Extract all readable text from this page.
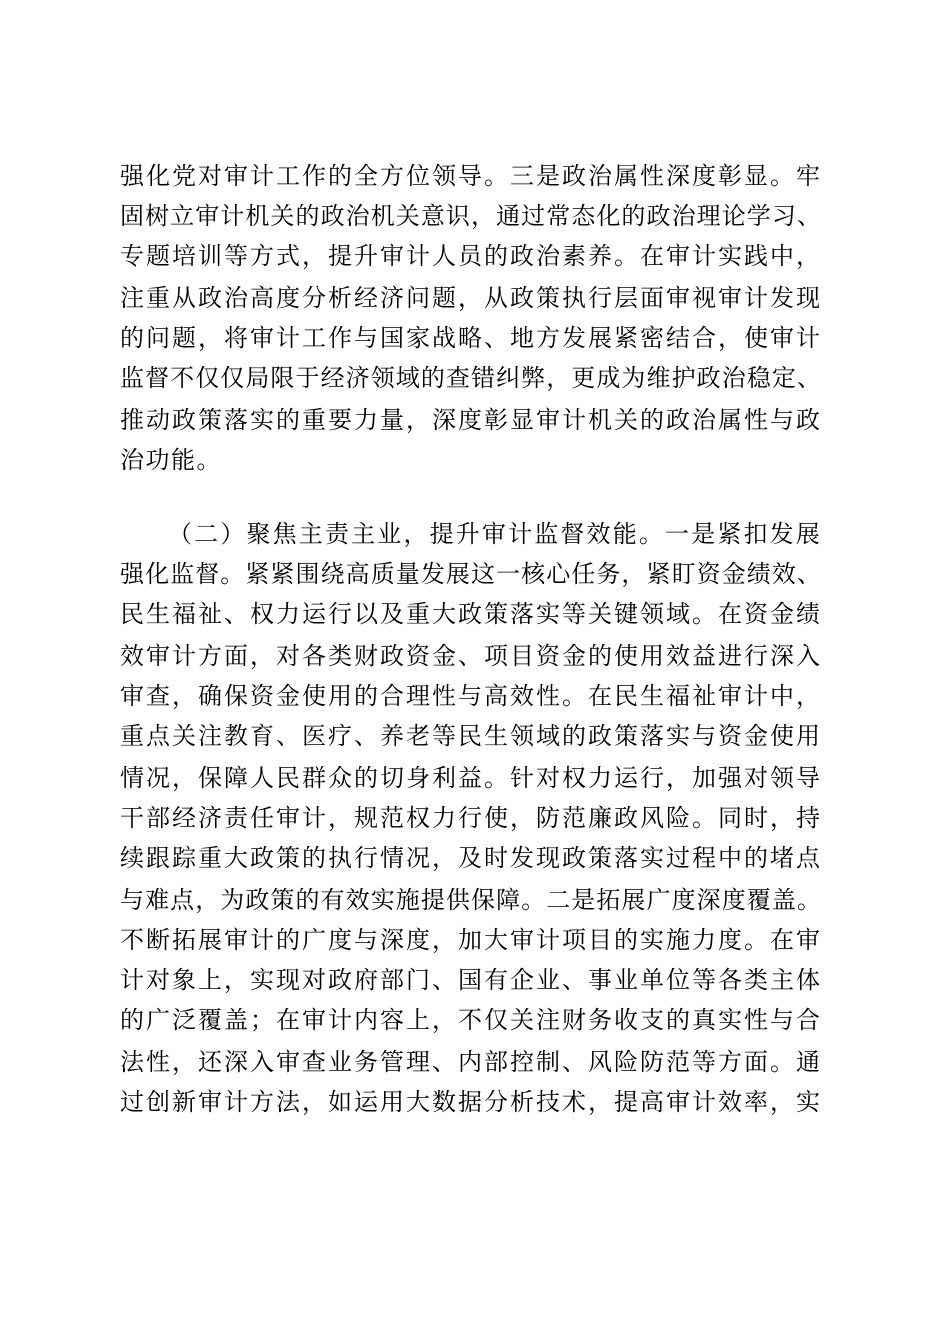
强化党对审计工作的全方位领导。三是政治属性深度彰显。牢
固树立审计机关的政治机关意识，通过常态化的政治理论学习、
专题培训等方式，提升审计人员的政治素养。在审计实践中，
注重从政治高度分析经济问题，从政策执行层面审视审计发现
的问题，将审计工作与国家战略、地方发展紧密结合，使审计
监督不仅仅局限于经济领域的查错纠弊，更成为维护政治稳定、
推动政策落实的重要力量，深度彰显审计机关的政治属性与政
治功能。
（二）聚焦主责主业，提升审计监督效能。一是紧扣发展
强化监督。紧紧围绕高质量发展这一核心任务，紧盯资金绩效、
民生福祉、权力运行以及重大政策落实等关键领域。在资金绩
效审计方面，对各类财政资金、项目资金的使用效益进行深入
审查，确保资金使用的合理性与高效性。在民生福祉审计中，
重点关注教育、医疗、养老等民生领域的政策落实与资金使用
情况，保障人民群众的切身利益。针对权力运行，加强对领导
干部经济责任审计，规范权力行使，防范廉政风险。同时，持
续跟踪重大政策的执行情况，及时发现政策落实过程中的堵点
与难点，为政策的有效实施提供保障。二是拓展广度深度覆盖。
不断拓展审计的广度与深度，加大审计项目的实施力度。在审
计对象上，实现对政府部门、国有企业、事业单位等各类主体
的广泛覆盖；在审计内容上，不仅关注财务收支的真实性与合
法性，还深入审查业务管理、内部控制、风险防范等方面。通
过创新审计方法，如运用大数据分析技术，提高审计效率，实
